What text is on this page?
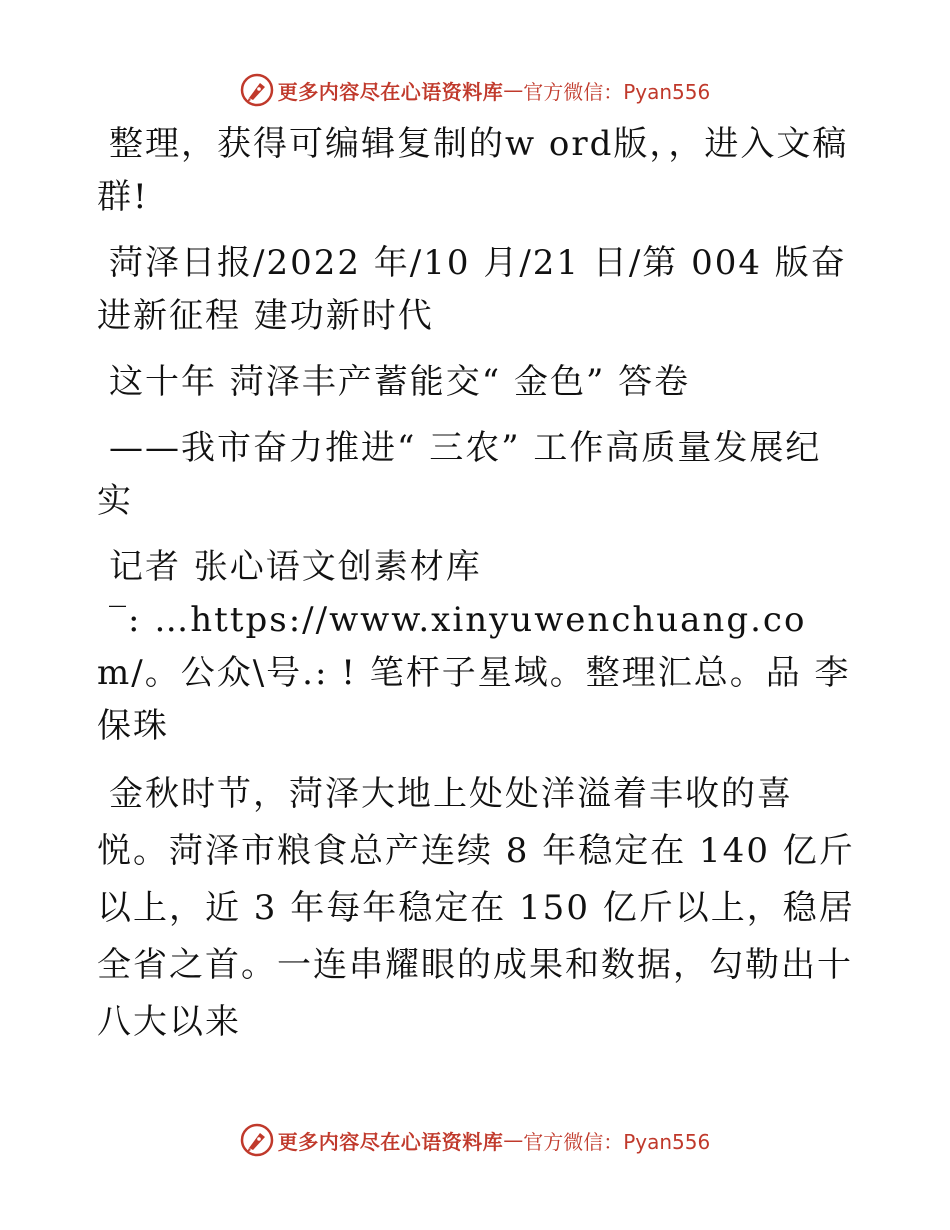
更多内容尽在心语资料库 — 官方微信：Pyan556

整理，获得可编辑复制的w ord版，，进入文稿群!

菏泽日报/2022 年/10 月/21 日/第 004 版奋进新征程 建功新时代

这十年 菏泽丰产蓄能交“ 金色” 答卷

——我市奋力推进“ 三农” 工作高质量发展纪实

记者 张心语文创素材库

‾: …https://www.xinyuwenchuang.com/。公众\号.: ! 笔杆子星域。整理汇总。品 李保珠

金秋时节，菏泽大地上处处洋溢着丰收的喜悦。菏泽市粮食总产连续 8 年稳定在 140 亿斤以上，近 3 年每年稳定在 150 亿斤以上，稳居全省之首。一连串耀眼的成果和数据，勾勒出十八大以来

更多内容尽在心语资料库 — 官方微信：Pyan556
